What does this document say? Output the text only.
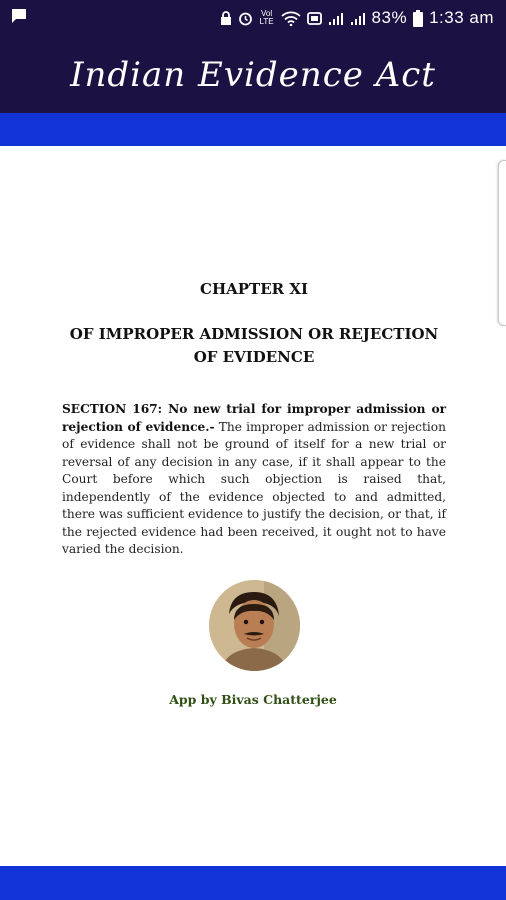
Vol LTE	83% 1:33 am
Indian Evidence Act
CHAPTER XI
OF IMPROPER ADMISSION OR REJECTION OF EVIDENCE
SECTION 167: No new trial for improper admission or rejection of evidence.- The improper admission or rejection of evidence shall not be ground of itself for a new trial or reversal of any decision in any case, if it shall appear to the Court before which such objection is raised that, independently of the evidence objected to and admitted, there was sufficient evidence to justify the decision, or that, if the rejected evidence had been received, it ought not to have varied the decision.
App by Bivas Chatterjee
